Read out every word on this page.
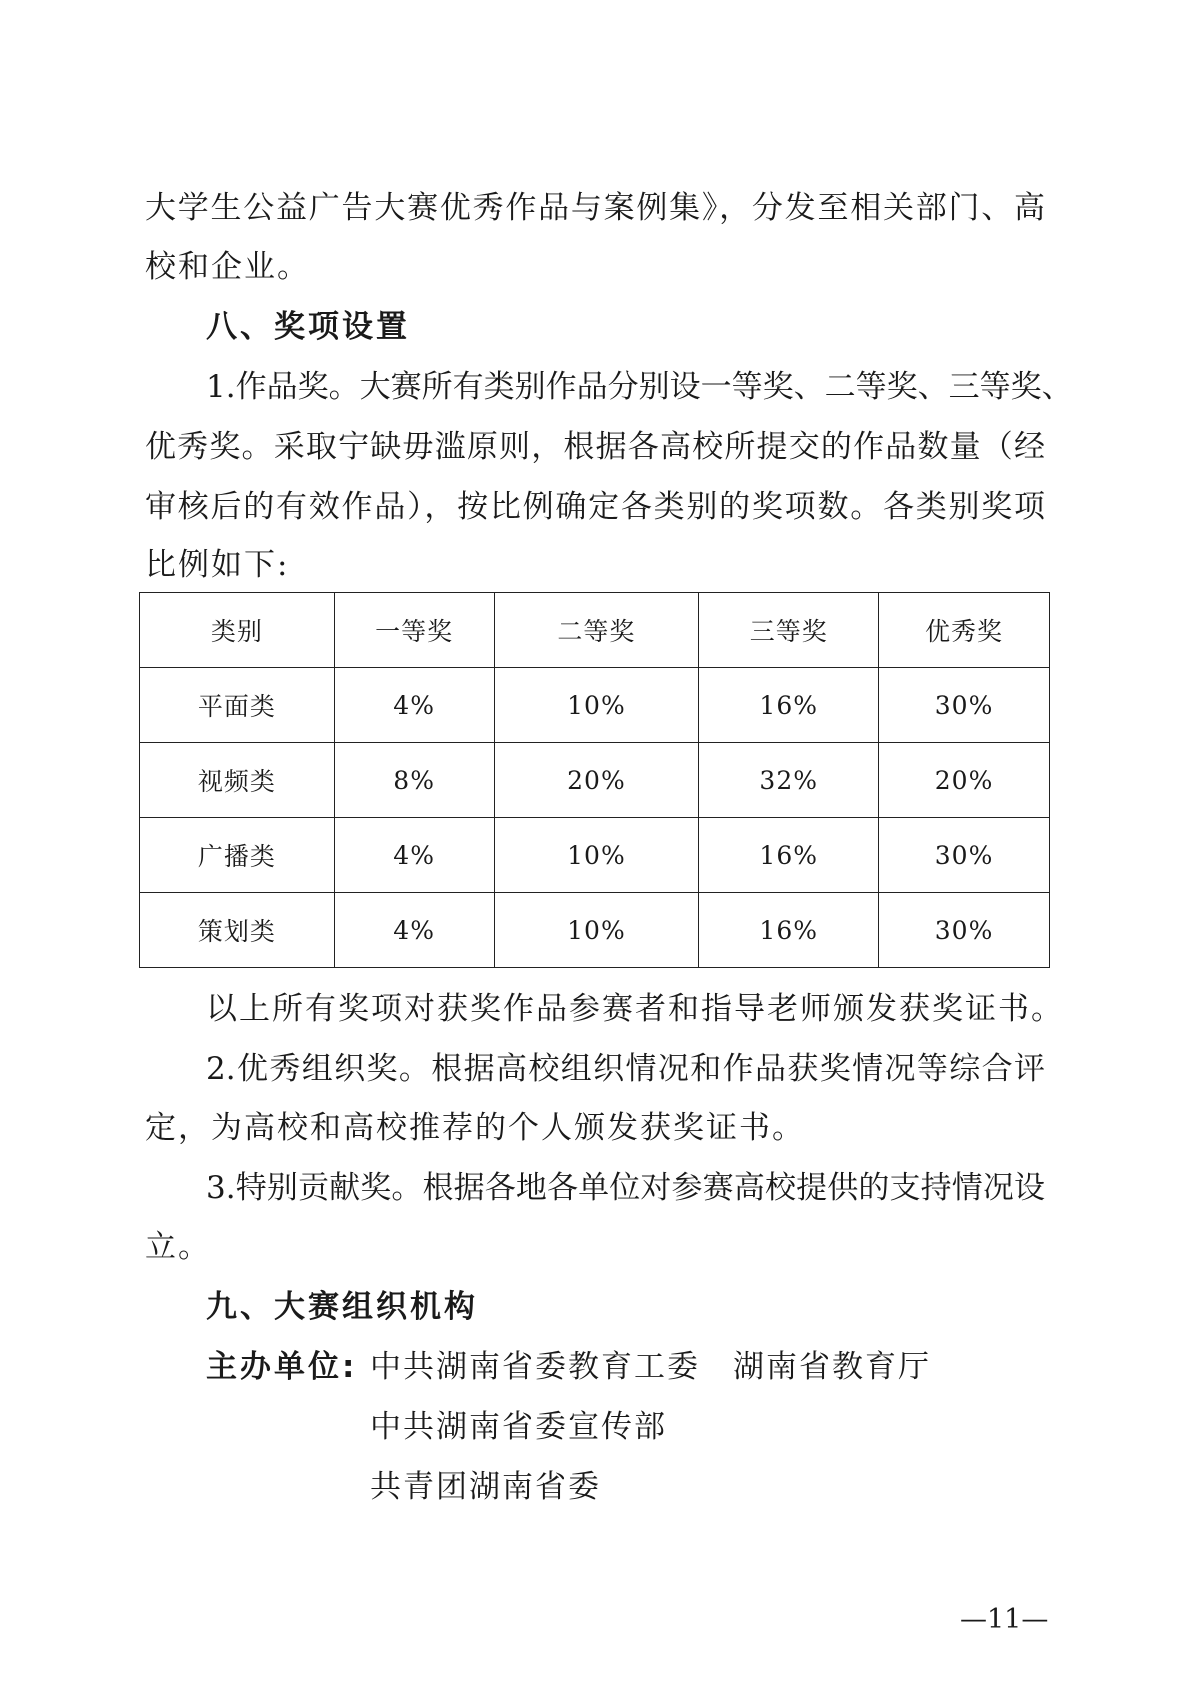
大学生公益广告大赛优秀作品与案例集》，分发至相关部门、高
校和企业。
八、奖项设置
1.作品奖。大赛所有类别作品分别设一等奖、二等奖、三等奖、
优秀奖。采取宁缺毋滥原则，根据各高校所提交的作品数量（经
审核后的有效作品），按比例确定各类别的奖项数。各类别奖项
比例如下:
类别	一等奖	二等奖	三等奖	优秀奖
平面类	4%	10%	16%	30%
视频类	8%	20%	32%	20%
广播类	4%	10%	16%	30%
策划类	4%	10%	16%	30%
以上所有奖项对获奖作品参赛者和指导老师颁发获奖证书。
2.优秀组织奖。根据高校组织情况和作品获奖情况等综合评
定，为高校和高校推荐的个人颁发获奖证书。
3.特别贡献奖。根据各地各单位对参赛高校提供的支持情况设
立。
九、大赛组织机构
主办单位: 中共湖南省委教育工委　湖南省教育厅
中共湖南省委宣传部
共青团湖南省委
—11—
